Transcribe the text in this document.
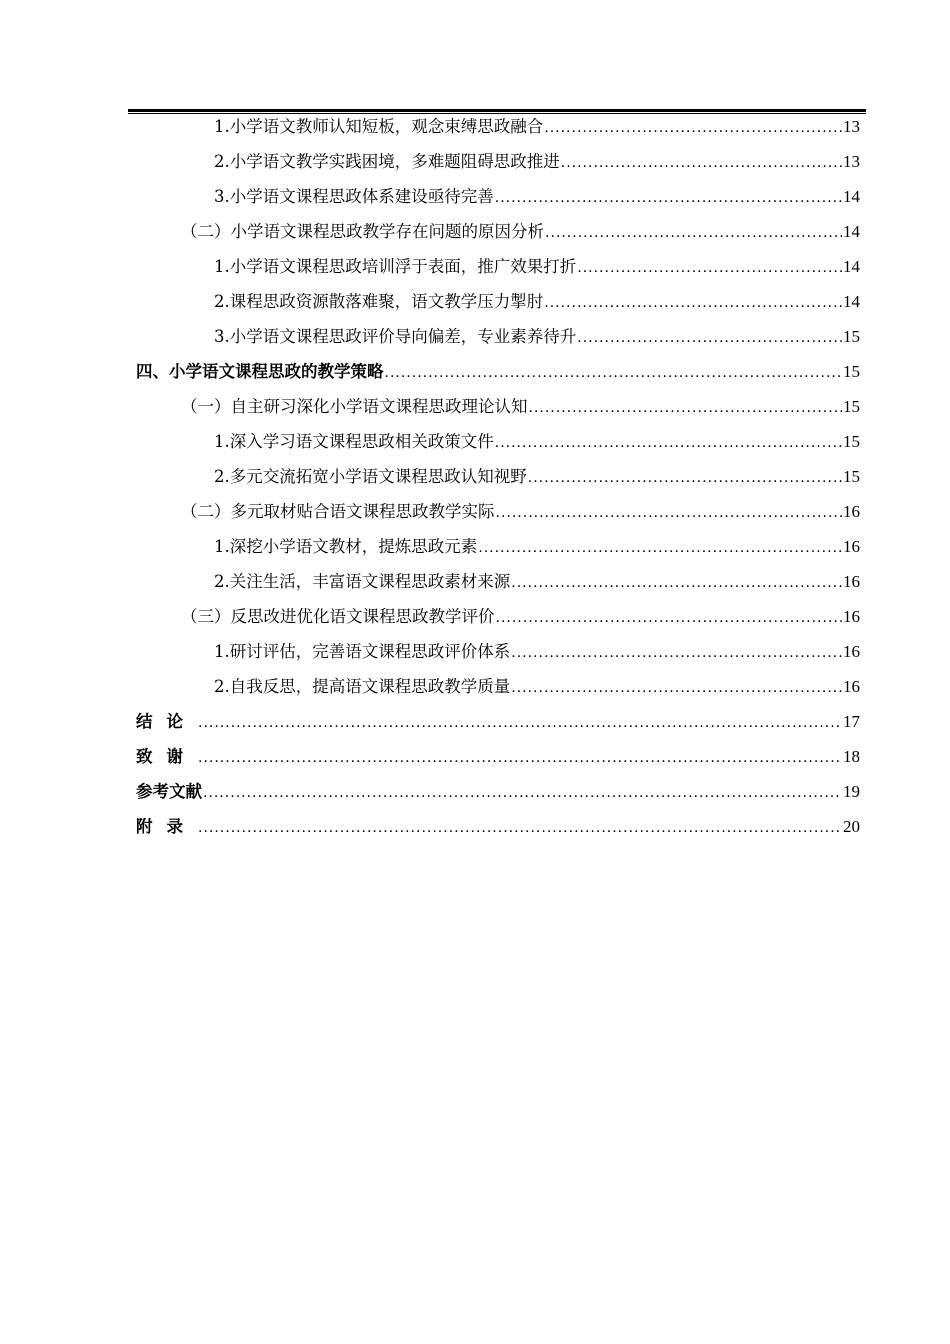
1.小学语文教师认知短板，观念束缚思政融合 .....	13
2.小学语文教学实践困境，多难题阻碍思政推进 .....	13
3.小学语文课程思政体系建设亟待完善 .....	14
（二）小学语文课程思政教学存在问题的原因分析 .....	14
1.小学语文课程思政培训浮于表面，推广效果打折 .....	14
2.课程思政资源散落难聚，语文教学压力掣肘 .....	14
3.小学语文课程思政评价导向偏差，专业素养待升 .....	15
四、小学语文课程思政的教学策略 .....	15
（一）自主研习深化小学语文课程思政理论认知 .....	15
1.深入学习语文课程思政相关政策文件 .....	15
2.多元交流拓宽小学语文课程思政认知视野 .....	15
（二）多元取材贴合语文课程思政教学实际 .....	16
1.深挖小学语文教材，提炼思政元素 .....	16
2.关注生活，丰富语文课程思政素材来源 .....	16
（三）反思改进优化语文课程思政教学评价 .....	16
1.研讨评估，完善语文课程思政评价体系 .....	16
2.自我反思，提高语文课程思政教学质量 .....	16
结论 .....	17
致谢 .....	18
参考文献 .....	19
附录 .....	20
